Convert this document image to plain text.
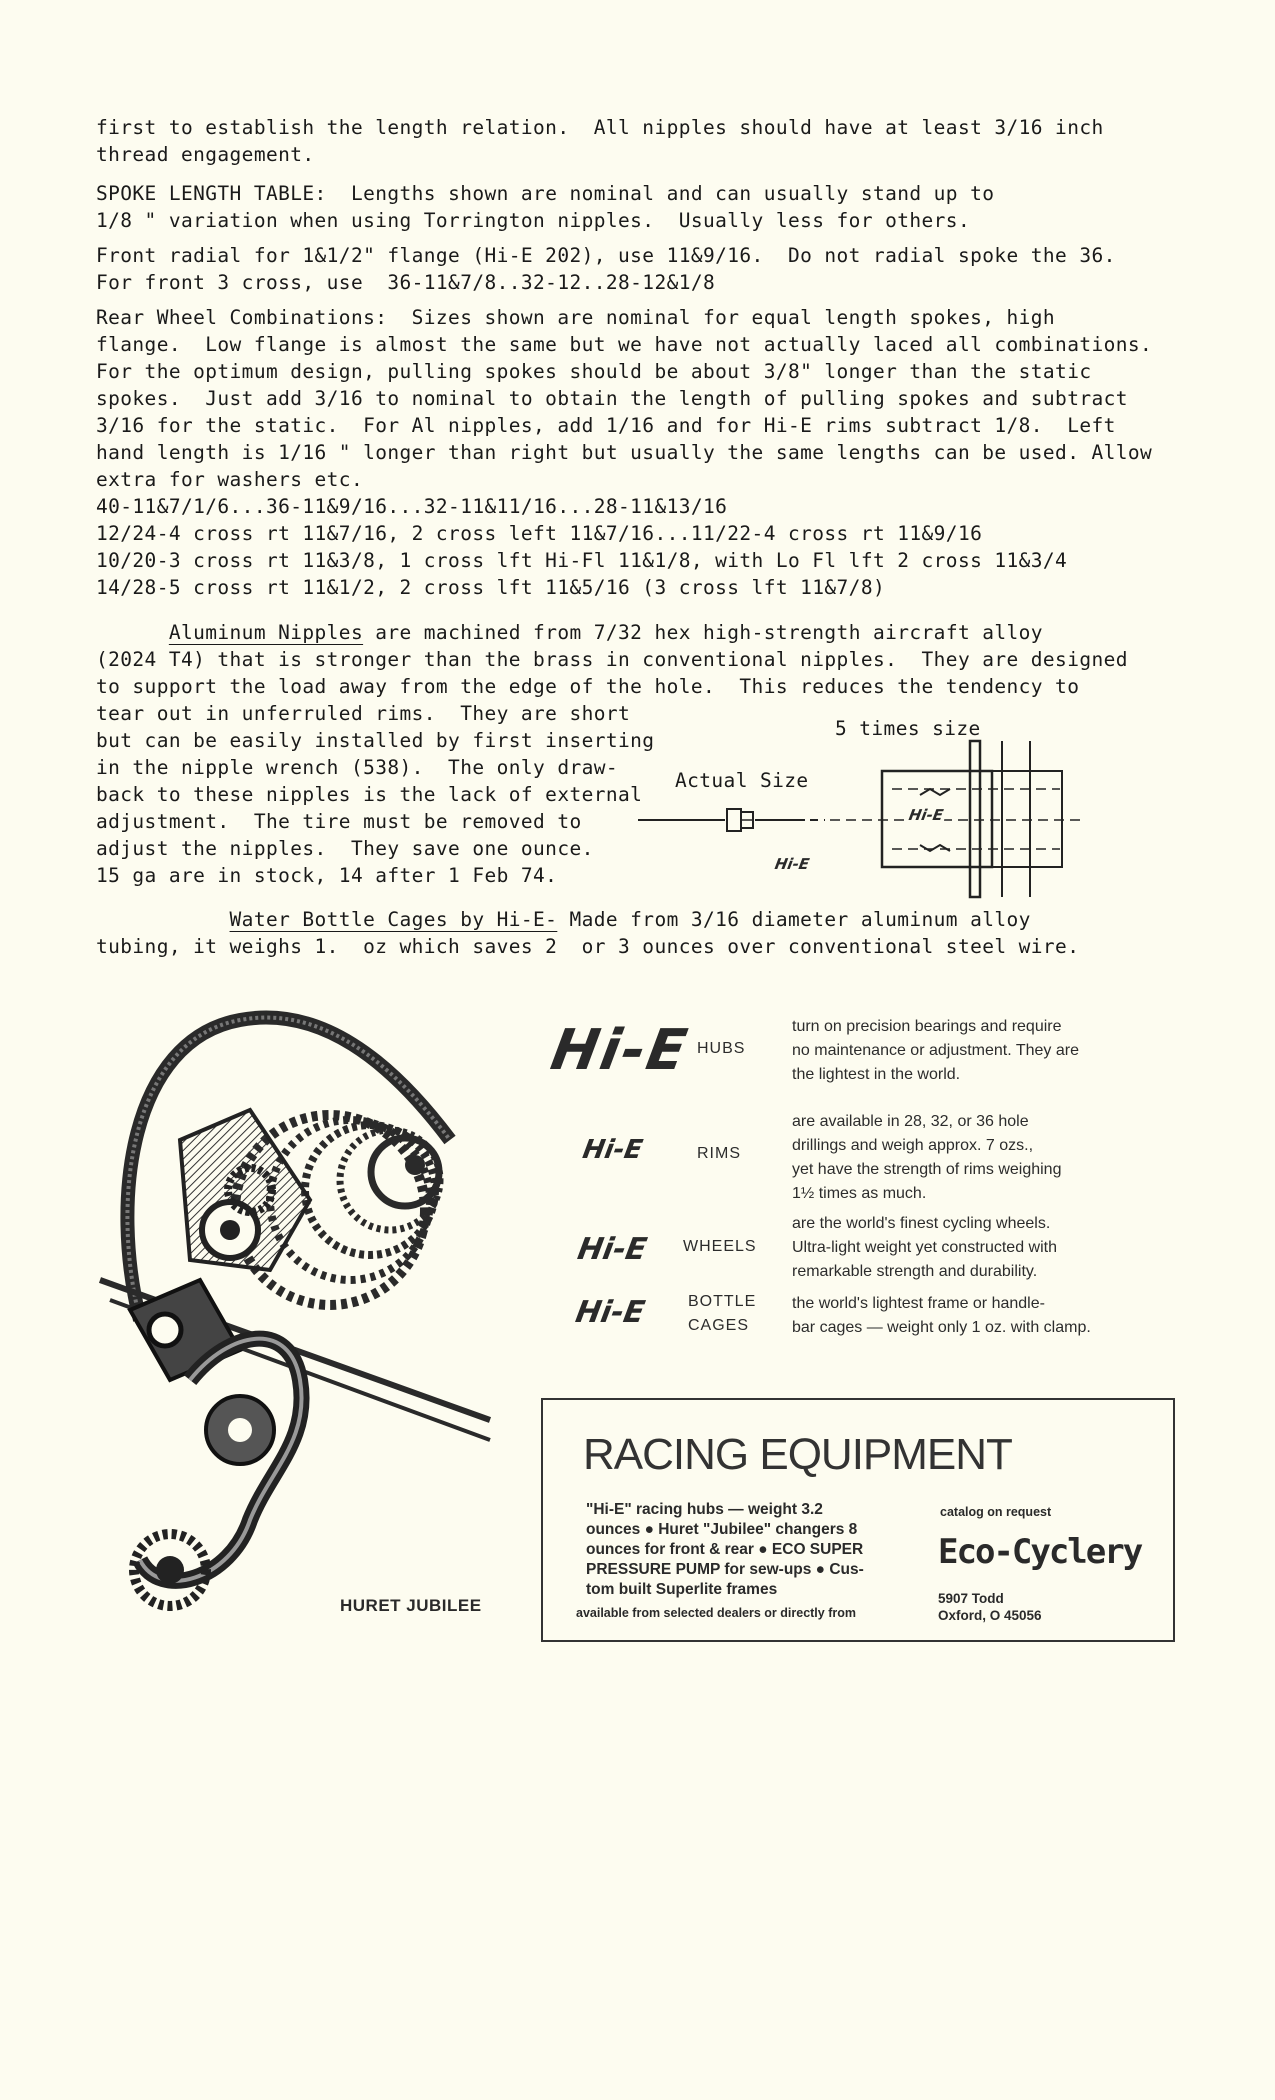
first to establish the length relation.  All nipples should have at least 3/16 inch

thread engagement.

SPOKE LENGTH TABLE:  Lengths shown are nominal and can usually stand up to

1/8 " variation when using Torrington nipples.  Usually less for others.

Front radial for 1&1/2" flange (Hi-E 202), use 11&9/16.  Do not radial spoke the 36.

For front 3 cross, use  36-11&7/8..32-12..28-12&1/8

Rear Wheel Combinations:  Sizes shown are nominal for equal length spokes, high

flange.  Low flange is almost the same but we have not actually laced all combinations.

For the optimum design, pulling spokes should be about 3/8" longer than the static

spokes.  Just add 3/16 to nominal to obtain the length of pulling spokes and subtract

3/16 for the static.  For Al nipples, add 1/16 and for Hi-E rims subtract 1/8.  Left

hand length is 1/16 " longer than right but usually the same lengths can be used. Allow

extra for washers etc.

40-11&7/1/6...36-11&9/16...32-11&11/16...28-11&13/16

12/24-4 cross rt 11&7/16, 2 cross left 11&7/16...11/22-4 cross rt 11&9/16

10/20-3 cross rt 11&3/8, 1 cross lft Hi-Fl 11&1/8, with Lo Fl lft 2 cross 11&3/4

14/28-5 cross rt 11&1/2, 2 cross lft 11&5/16 (3 cross lft 11&7/8)

Aluminum Nipples are machined from 7/32 hex high-strength aircraft alloy

(2024 T4) that is stronger than the brass in conventional nipples.  They are designed

to support the load away from the edge of the hole.  This reduces the tendency to

tear out in unferruled rims.  They are short

but can be easily installed by first inserting

in the nipple wrench (538).  The only draw-

back to these nipples is the lack of external

adjustment.  The tire must be removed to

adjust the nipples.  They save one ounce.

15 ga are in stock, 14 after 1 Feb 74.

5 times size
Actual Size
Hi-E
Hi-E

Water Bottle Cages by Hi-E- Made from 3/16 diameter aluminum alloy

tubing, it weighs 1.  oz which saves 2  or 3 ounces over conventional steel wire.

HURET JUBILEE
Hi-E HUBS
turn on precision bearings and require
no maintenance or adjustment. They are
the lightest in the world.
Hi-E	RIMS
are available in 28, 32, or 36 hole
drillings and weigh approx. 7 ozs.,
yet have the strength of rims weighing
1½ times as much.
Hi-E WHEELS
are the world's finest cycling wheels.
Ultra-light weight yet constructed with
remarkable strength and durability.
Hi-E	BOTTLE
CAGES
the world's lightest frame or handle-
bar cages — weight only 1 oz. with clamp.
RACING EQUIPMENT
"Hi-E" racing hubs — weight 3.2
ounces ● Huret "Jubilee" changers 8
ounces for front & rear ● ECO SUPER
PRESSURE PUMP for sew-ups ● Cus-
tom built Superlite frames
available from selected dealers or directly from
catalog on request
Eco-Cyclery
5907 Todd
Oxford, O 45056
